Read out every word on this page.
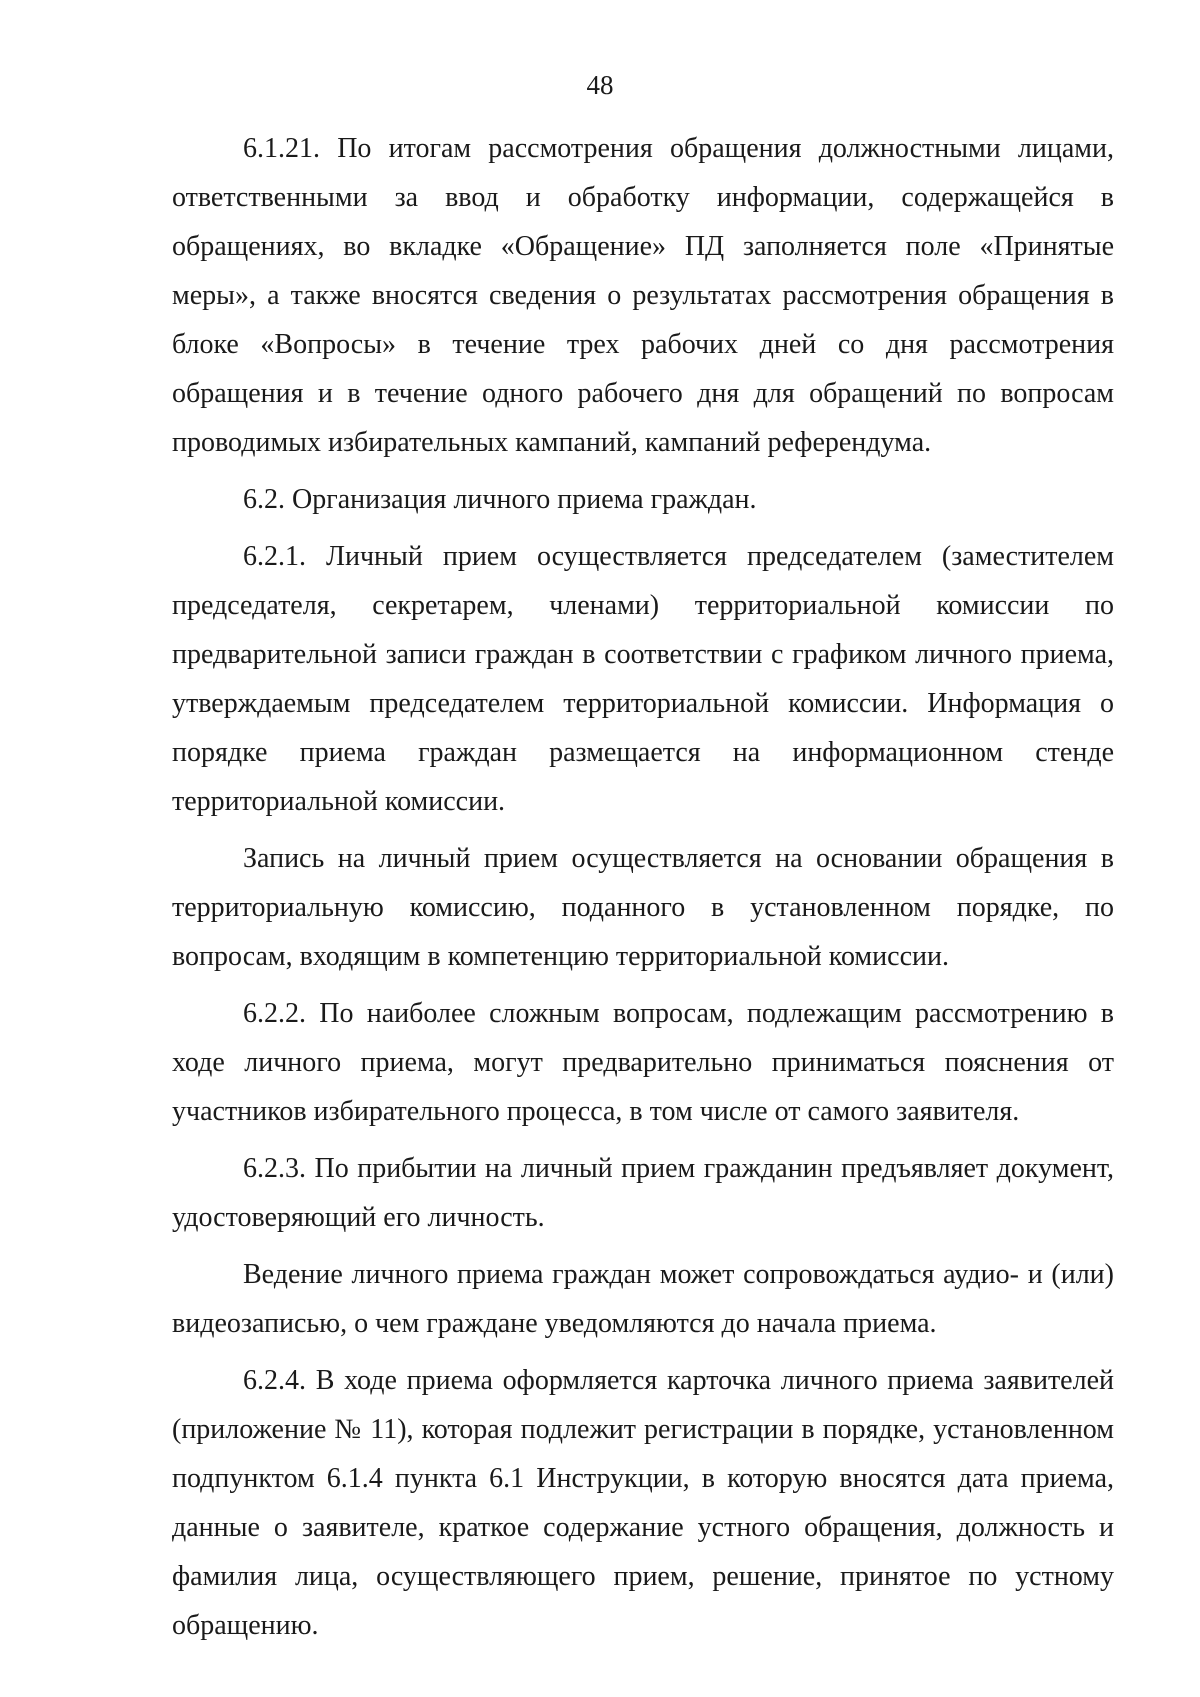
48

6.1.21. По итогам рассмотрения обращения должностными лицами, ответственными за ввод и обработку информации, содержащейся в обращениях, во вкладке «Обращение» ПД заполняется поле «Принятые меры», а также вносятся сведения о результатах рассмотрения обращения в блоке «Вопросы» в течение трех рабочих дней со дня рассмотрения обращения и в течение одного рабочего дня для обращений по вопросам проводимых избирательных кампаний, кампаний референдума.

6.2. Организация личного приема граждан.

6.2.1. Личный прием осуществляется председателем (заместителем председателя, секретарем, членами) территориальной комиссии по предварительной записи граждан в соответствии с графиком личного приема, утверждаемым председателем территориальной комиссии. Информация о порядке приема граждан размещается на информационном стенде территориальной комиссии.

Запись на личный прием осуществляется на основании обращения в территориальную комиссию, поданного в установленном порядке, по вопросам, входящим в компетенцию территориальной комиссии.

6.2.2. По наиболее сложным вопросам, подлежащим рассмотрению в ходе личного приема, могут предварительно приниматься пояснения от участников избирательного процесса, в том числе от самого заявителя.

6.2.3. По прибытии на личный прием гражданин предъявляет документ, удостоверяющий его личность.

Ведение личного приема граждан может сопровождаться аудио- и (или) видеозаписью, о чем граждане уведомляются до начала приема.

6.2.4. В ходе приема оформляется карточка личного приема заявителей (приложение № 11), которая подлежит регистрации в порядке, установленном подпунктом 6.1.4 пункта 6.1 Инструкции, в которую вносятся дата приема, данные о заявителе, краткое содержание устного обращения, должность и фамилия лица, осуществляющего прием, решение, принятое по устному обращению.
